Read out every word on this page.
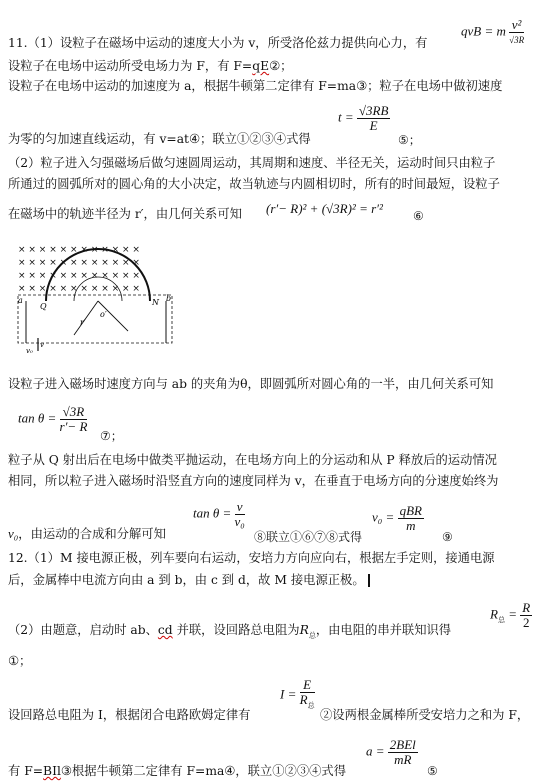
11.（1）设粒子在磁场中运动的速度大小为 v，所受洛伦兹力提供向心力，有
qvB = m $\frac{\text{v²}}{√3R}$
设粒子在电场中运动所受电场力为 F，有 F=qE②；
设粒子在电场中运动的加速度为 a，根据牛顿第二定律有 F=ma③；粒子在电场中做初速度
$t = \frac{√3RB}{E}$
为零的匀加速直线运动，有 v=at④；联立①②③④式得	⑤；
（2）粒子进入匀强磁场后做匀速圆周运动，其周期和速度、半径无关，运动时间只由粒子
所通过的圆弧所对的圆心角的大小决定，故当轨迹与内圆相切时，所有的时间最短，设粒子
在磁场中的轨迹半径为 r′，由几何关系可知 (r′− R)² + (√3R)² = r′²	⑥
× × × × × × × × × × × ×
× × × × × × × × × × × ×
× × × × × × × × × × × ×
× × × × × × × × × × × ×
a
Q
b
r′
o′
N
v₀
v
设粒子进入磁场时速度方向与 ab 的夹角为θ，即圆弧所对圆心角的一半，由几何关系可知
$\tan \theta = \frac{√3R}{r'- R}$
⑦；
粒子从 Q 射出后在电场中做类平抛运动，在电场方向上的分运动和从 P 释放后的运动情况
相同，所以粒子进入磁场时沿竖直方向的速度同样为 v，在垂直于电场方向的分速度始终为
v₀，由运动的合成和分解可知
$\tan \theta = \frac{v}{\text{v₀}}$
⑧联立①⑥⑦⑧式得
$v_0 = \frac{\text{qBR}}{m}$
⑨
12.（1）M 接电源正极，列车要向右运动，安培力方向应向右，根据左手定则，接通电源
后，金属棒中电流方向由 a 到 b，由 c 到 d，故 M 接电源正极。
（2）由题意，启动时 ab、cd 并联，设回路总电阻为$R_总$，由电阻的串并联知识得
$R_总 = \frac{R}{2}$
①；
$I = \frac{E}{R_总}$
设回路总电阻为 I，根据闭合电路欧姆定律有	②设两根金属棒所受安培力之和为 F，
有 F=BIl③根据牛顿第二定律有 F=ma④，联立①②③④式得
$a = \frac{\text{2BEl}}{mR}$
⑤
